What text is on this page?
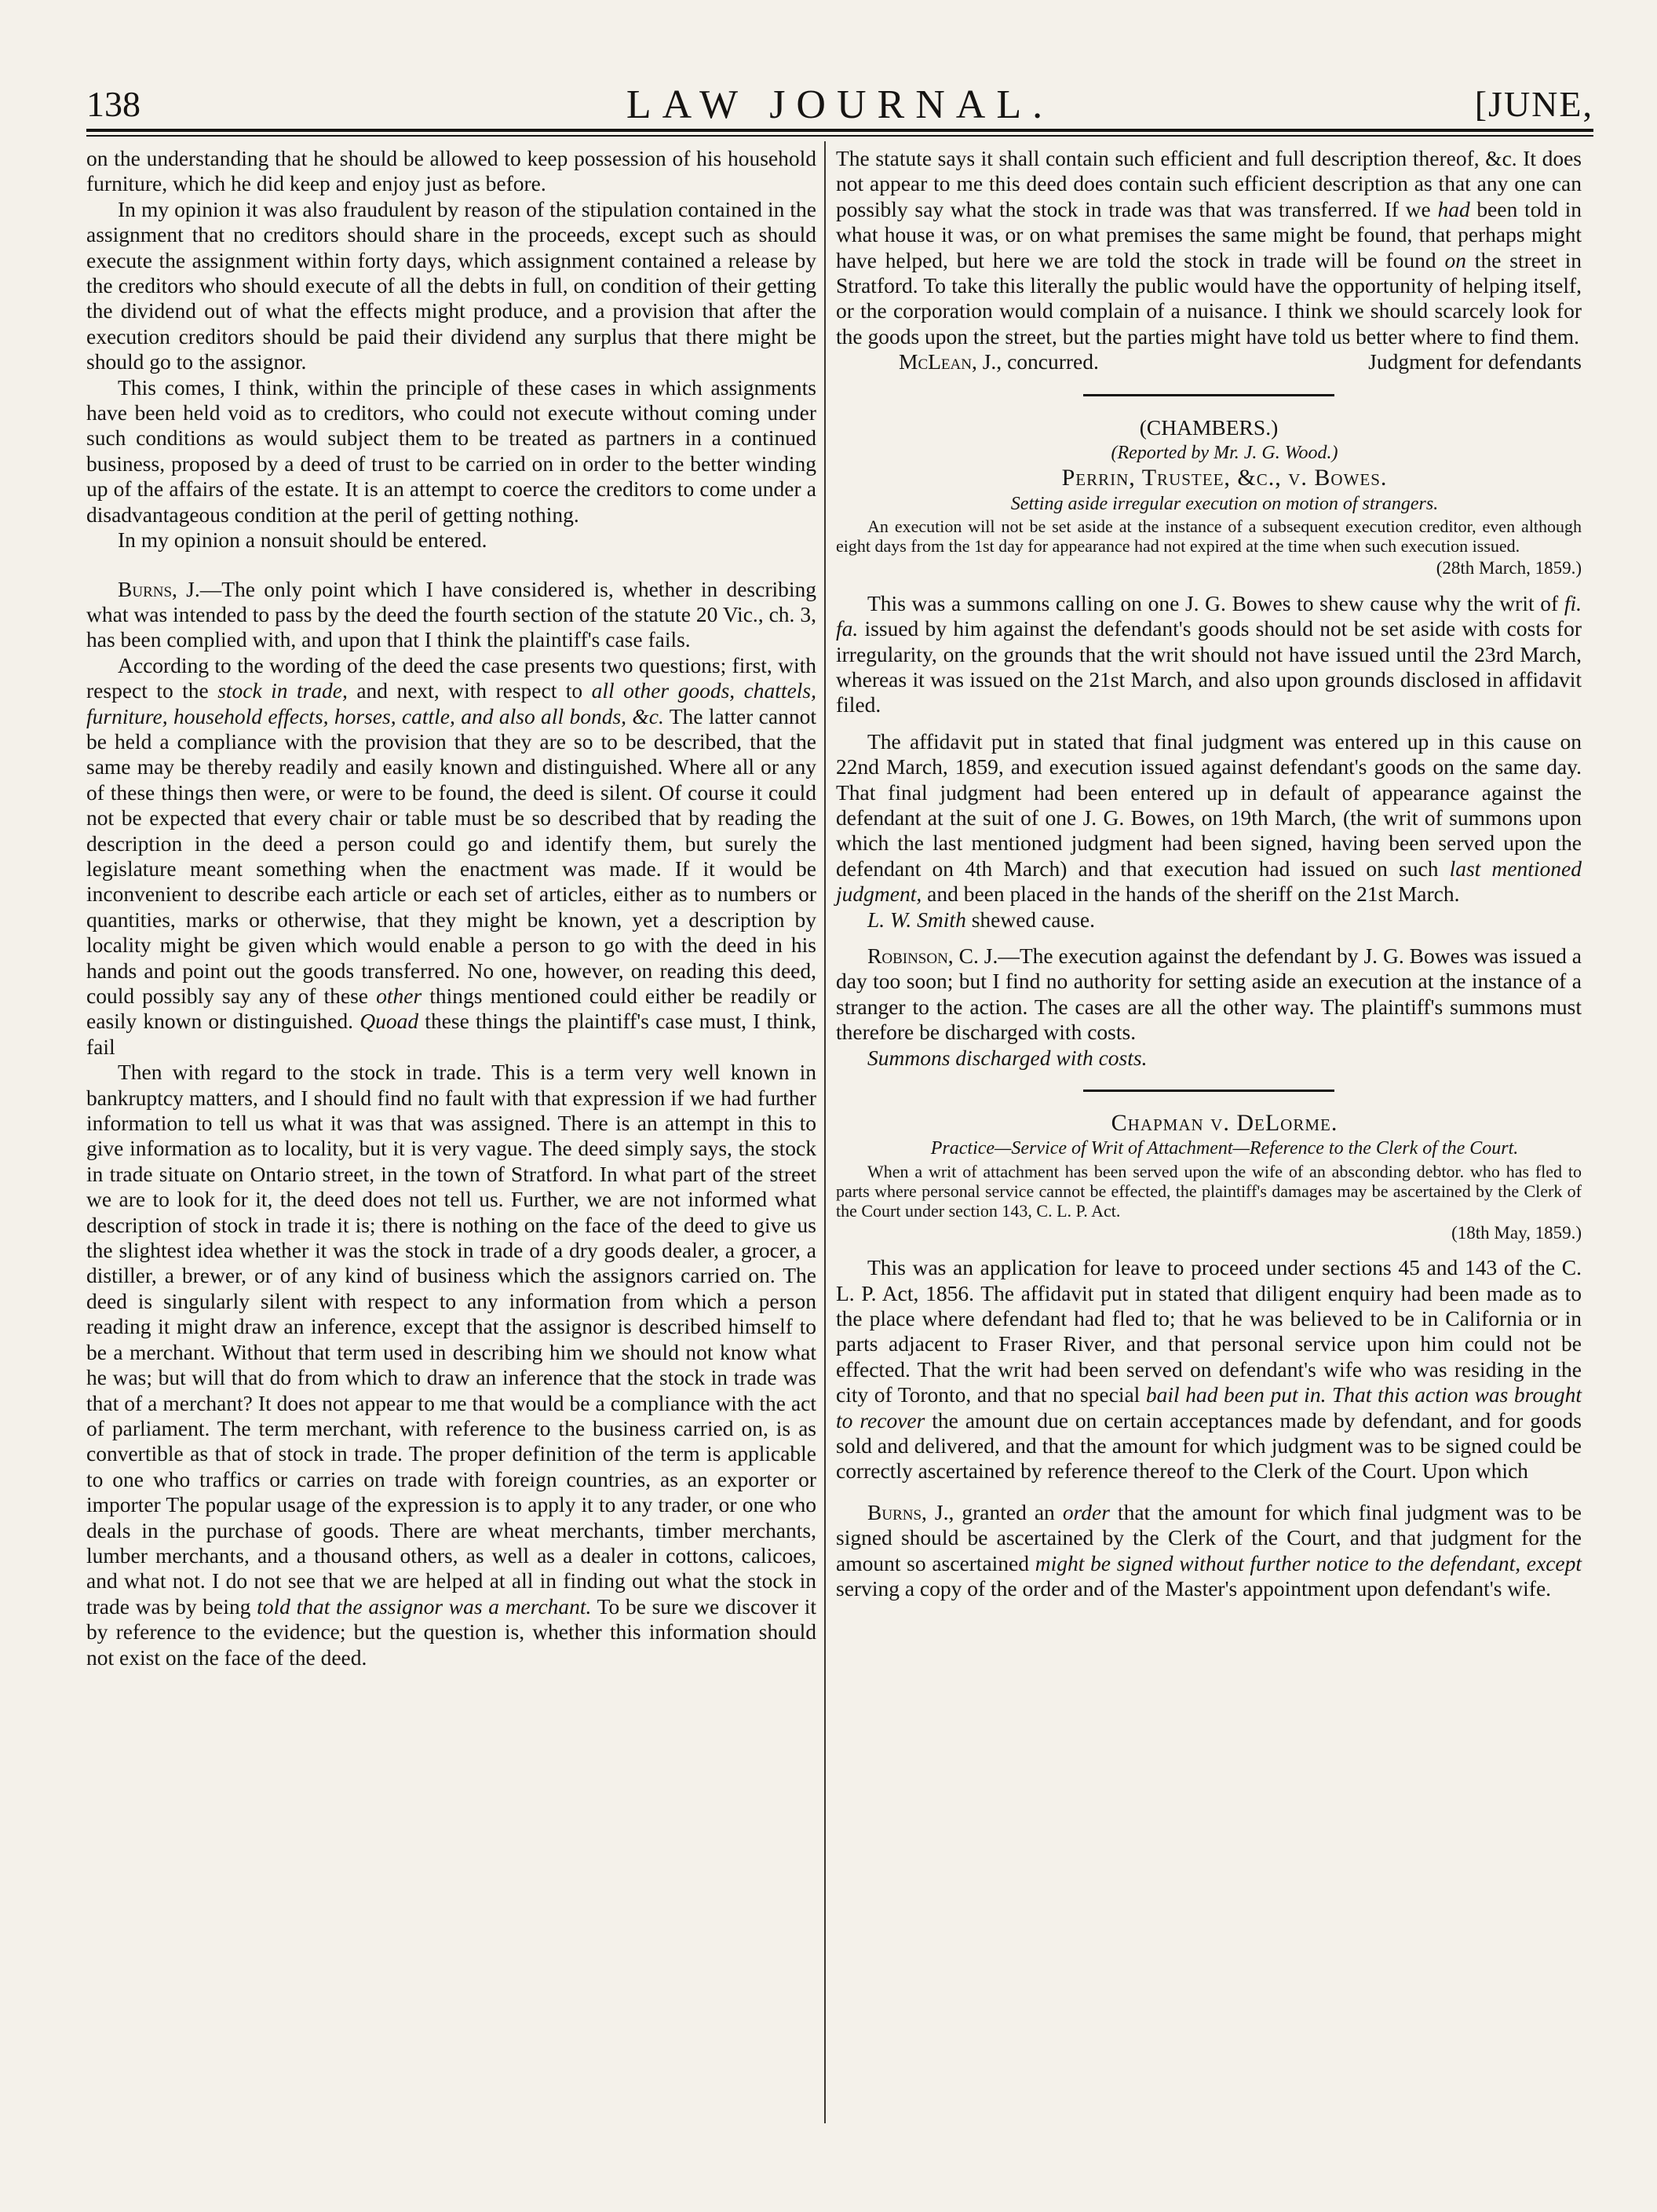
LAW JOURNAL.
138	[JUNE,

on the understanding that he should be allowed to keep possession of his household furniture, which he did keep and enjoy just as before.

In my opinion it was also fraudulent by reason of the stipulation contained in the assignment that no creditors should share in the proceeds, except such as should execute the assignment within forty days, which assignment contained a release by the creditors who should execute of all the debts in full, on condition of their getting the dividend out of what the effects might produce, and a provision that after the execution creditors should be paid their dividend any surplus that there might be should go to the assignor.

This comes, I think, within the principle of these cases in which assignments have been held void as to creditors, who could not execute without coming under such conditions as would subject them to be treated as partners in a continued business, proposed by a deed of trust to be carried on in order to the better winding up of the affairs of the estate. It is an attempt to coerce the creditors to come under a disadvantageous condition at the peril of getting nothing.

In my opinion a nonsuit should be entered.

Burns, J.—The only point which I have considered is, whether in describing what was intended to pass by the deed the fourth section of the statute 20 Vic., ch. 3, has been complied with, and upon that I think the plaintiff's case fails.

According to the wording of the deed the case presents two questions; first, with respect to the stock in trade, and next, with respect to all other goods, chattels, furniture, household effects, horses, cattle, and also all bonds, &c. The latter cannot be held a compliance with the provision that they are so to be described, that the same may be thereby readily and easily known and distinguished. Where all or any of these things then were, or were to be found, the deed is silent. Of course it could not be expected that every chair or table must be so described that by reading the description in the deed a person could go and identify them, but surely the legislature meant something when the enactment was made. If it would be inconvenient to describe each article or each set of articles, either as to numbers or quantities, marks or otherwise, that they might be known, yet a description by locality might be given which would enable a person to go with the deed in his hands and point out the goods transferred. No one, however, on reading this deed, could possibly say any of these other things mentioned could either be readily or easily known or distinguished. Quoad these things the plaintiff's case must, I think, fail

Then with regard to the stock in trade. This is a term very well known in bankruptcy matters, and I should find no fault with that expression if we had further information to tell us what it was that was assigned. There is an attempt in this to give information as to locality, but it is very vague. The deed simply says, the stock in trade situate on Ontario street, in the town of Stratford. In what part of the street we are to look for it, the deed does not tell us. Further, we are not informed what description of stock in trade it is; there is nothing on the face of the deed to give us the slightest idea whether it was the stock in trade of a dry goods dealer, a grocer, a distiller, a brewer, or of any kind of business which the assignors carried on. The deed is singularly silent with respect to any information from which a person reading it might draw an inference, except that the assignor is described himself to be a merchant. Without that term used in describing him we should not know what he was; but will that do from which to draw an inference that the stock in trade was that of a merchant? It does not appear to me that would be a compliance with the act of parliament. The term merchant, with reference to the business carried on, is as convertible as that of stock in trade. The proper definition of the term is applicable to one who traffics or carries on trade with foreign countries, as an exporter or importer The popular usage of the expression is to apply it to any trader, or one who deals in the purchase of goods. There are wheat merchants, timber merchants, lumber merchants, and a thousand others, as well as a dealer in cottons, calicoes, and what not. I do not see that we are helped at all in finding out what the stock in trade was by being told that the assignor was a merchant. To be sure we discover it by reference to the evidence; but the question is, whether this information should not exist on the face of the deed.

The statute says it shall contain such efficient and full description thereof, &c. It does not appear to me this deed does contain such efficient description as that any one can possibly say what the stock in trade was that was transferred. If we had been told in what house it was, or on what premises the same might be found, that perhaps might have helped, but here we are told the stock in trade will be found on the street in Stratford. To take this literally the public would have the opportunity of helping itself, or the corporation would complain of a nuisance. I think we should scarcely look for the goods upon the street, but the parties might have told us better where to find them.

McLean, J., concurred.	Judgment for defendants

(CHAMBERS.)

(Reported by Mr. J. G. Wood.)

Perrin, Trustee, &c., v. Bowes.

Setting aside irregular execution on motion of strangers.

An execution will not be set aside at the instance of a subsequent execution creditor, even although eight days from the 1st day for appearance had not expired at the time when such execution issued.

(28th March, 1859.)

This was a summons calling on one J. G. Bowes to shew cause why the writ of fi. fa. issued by him against the defendant's goods should not be set aside with costs for irregularity, on the grounds that the writ should not have issued until the 23rd March, whereas it was issued on the 21st March, and also upon grounds disclosed in affidavit filed.

The affidavit put in stated that final judgment was entered up in this cause on 22nd March, 1859, and execution issued against defendant's goods on the same day. That final judgment had been entered up in default of appearance against the defendant at the suit of one J. G. Bowes, on 19th March, (the writ of summons upon which the last mentioned judgment had been signed, having been served upon the defendant on 4th March) and that execution had issued on such last mentioned judgment, and been placed in the hands of the sheriff on the 21st March.

L. W. Smith shewed cause.

Robinson, C. J.—The execution against the defendant by J. G. Bowes was issued a day too soon; but I find no authority for setting aside an execution at the instance of a stranger to the action. The cases are all the other way. The plaintiff's summons must therefore be discharged with costs.

Summons discharged with costs.

Chapman v. DeLorme.

Practice—Service of Writ of Attachment—Reference to the Clerk of the Court.

When a writ of attachment has been served upon the wife of an absconding debtor. who has fled to parts where personal service cannot be effected, the plaintiff's damages may be ascertained by the Clerk of the Court under section 143, C. L. P. Act.

(18th May, 1859.)

This was an application for leave to proceed under sections 45 and 143 of the C. L. P. Act, 1856. The affidavit put in stated that diligent enquiry had been made as to the place where defendant had fled to; that he was believed to be in California or in parts adjacent to Fraser River, and that personal service upon him could not be effected. That the writ had been served on defendant's wife who was residing in the city of Toronto, and that no special bail had been put in. That this action was brought to recover the amount due on certain acceptances made by defendant, and for goods sold and delivered, and that the amount for which judgment was to be signed could be correctly ascertained by reference thereof to the Clerk of the Court. Upon which

Burns, J., granted an order that the amount for which final judgment was to be signed should be ascertained by the Clerk of the Court, and that judgment for the amount so ascertained might be signed without further notice to the defendant, except serving a copy of the order and of the Master's appointment upon defendant's wife.
